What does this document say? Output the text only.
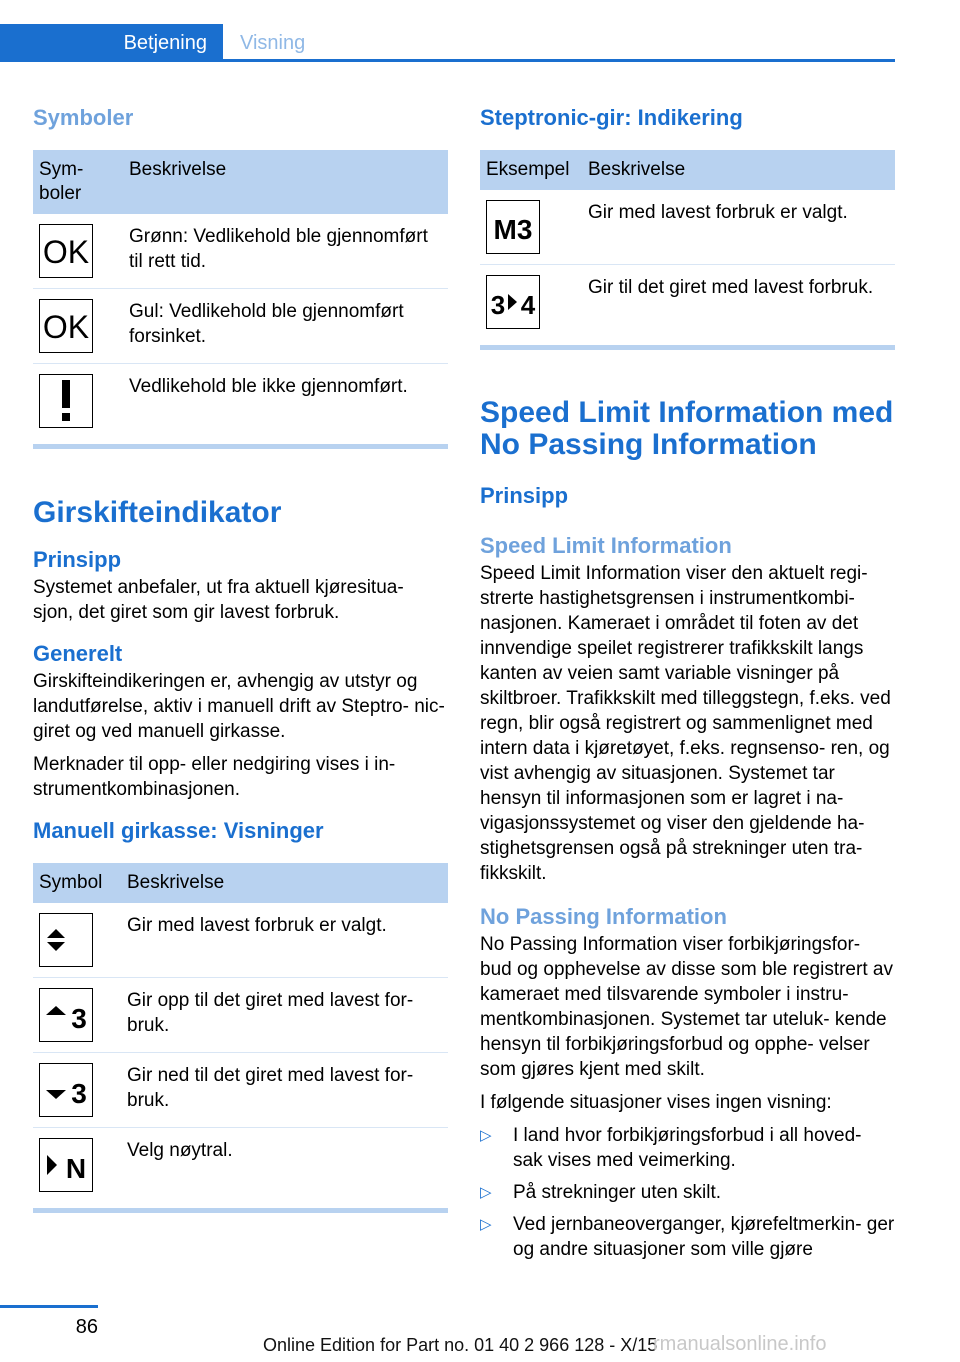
Betjening	Visning
Symboler
Sym- boler	Beskrivelse

OK	Grønn: Vedlikehold ble gjennomført til rett tid.

OK	Gul: Vedlikehold ble gjennomført forsinket.

	Vedlikehold ble ikke gjennomført.
Girskifteindikator
Prinsipp

Systemet anbefaler, ut fra aktuell kjøresitua- sjon, det giret som gir lavest forbruk.

Generelt

Girskifteindikeringen er, avhengig av utstyr og landutførelse, aktiv i manuell drift av Steptro- nic-giret og ved manuell girkasse.

Merknader til opp- eller nedgiring vises i in- strumentkombinasjonen.

Manuell girkasse: Visninger
Symbol	Beskrivelse

	Gir med lavest forbruk er valgt.

3	Gir opp til det giret med lavest for- bruk.

3	Gir ned til det giret med lavest for- bruk.

N	Velg nøytral.
Steptronic-gir: Indikering
Eksempel	Beskrivelse

M3	Gir med lavest forbruk er valgt.

3 4	Gir til det giret med lavest forbruk.
Speed Limit Information med No Passing Information
Prinsipp
Speed Limit Information

Speed Limit Information viser den aktuelt regi- strerte hastighetsgrensen i instrumentkombi- nasjonen. Kameraet i området til foten av det innvendige speilet registrerer trafikkskilt langs kanten av veien samt variable visninger på skiltbroer. Trafikkskilt med tilleggstegn, f.eks. ved regn, blir også registrert og sammenlignet med intern data i kjøretøyet, f.eks. regnsenso- ren, og vist avhengig av situasjonen. Systemet tar hensyn til informasjonen som er lagret i na- vigasjonssystemet og viser den gjeldende ha- stighetsgrensen også på strekninger uten tra- fikkskilt.

No Passing Information

No Passing Information viser forbikjøringsfor- bud og opphevelse av disse som ble registrert av kameraet med tilsvarende symboler i instru- mentkombinasjonen. Systemet tar uteluk- kende hensyn til forbikjøringsforbud og opphe- velser som gjøres kjent med skilt.

I følgende situasjoner vises ingen visning:

▷ I land hvor forbikjøringsforbud i all hoved- sak vises med veimerking.
▷ På strekninger uten skilt.
▷ Ved jernbaneoverganger, kjørefeltmerkin- ger og andre situasjoner som ville gjøre
86
Online Edition for Part no. 01 40 2 966 128 - X/15
rmanualsonline.info
